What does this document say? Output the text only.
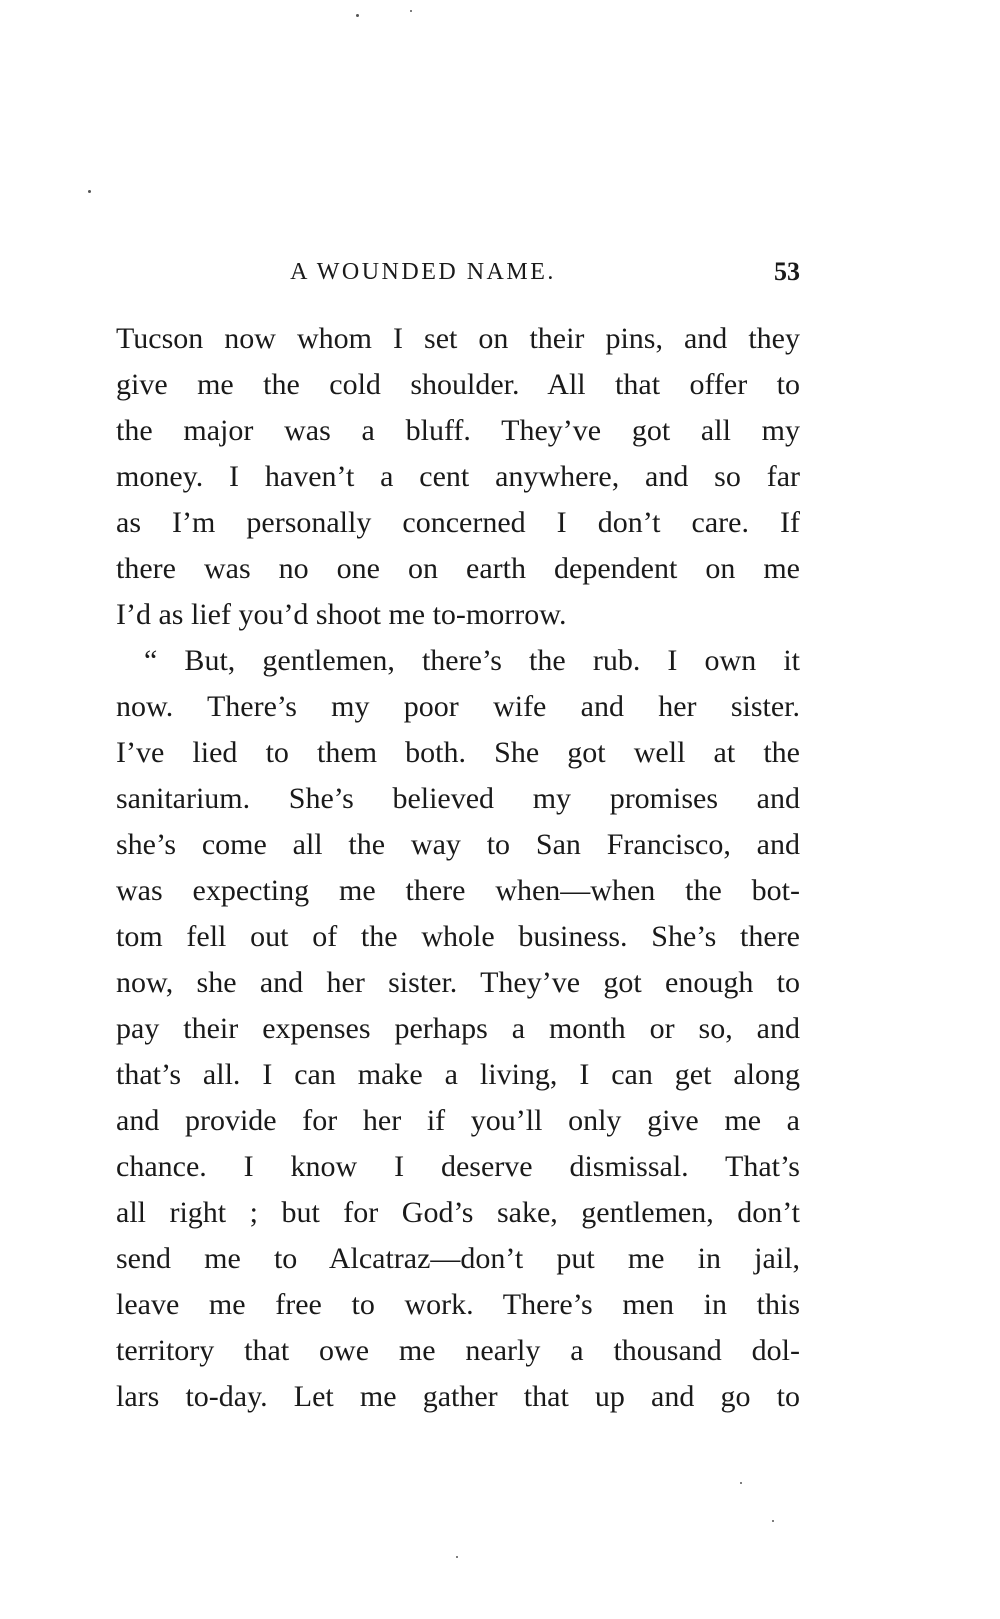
A WOUNDED NAME.	53
Tucson now whom I set on their pins, and they
give me the cold shoulder. All that offer to
the major was a bluff. They’ve got all my
money. I haven’t a cent anywhere, and so far
as I’m personally concerned I don’t care. If
there was no one on earth dependent on me
I’d as lief you’d shoot me to-morrow.
“ But, gentlemen, there’s the rub. I own it
now. There’s my poor wife and her sister.
I’ve lied to them both. She got well at the
sanitarium. She’s believed my promises and
she’s come all the way to San Francisco, and
was expecting me there when—when the bot-
tom fell out of the whole business. She’s there
now, she and her sister. They’ve got enough to
pay their expenses perhaps a month or so, and
that’s all. I can make a living, I can get along
and provide for her if you’ll only give me a
chance. I know I deserve dismissal. That’s
all right ; but for God’s sake, gentlemen, don’t
send me to Alcatraz—don’t put me in jail,
leave me free to work. There’s men in this
territory that owe me nearly a thousand dol-
lars to-day. Let me gather that up and go to
